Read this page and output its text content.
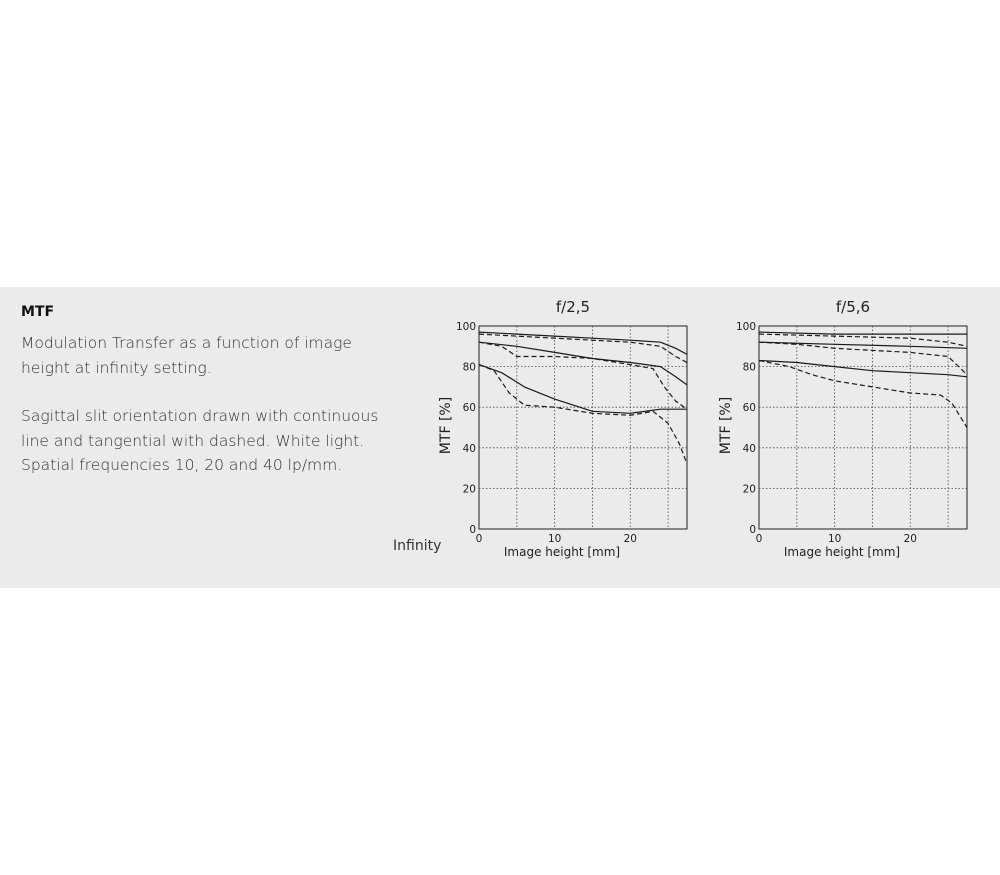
MTF
Modulation Transfer as a function of image
height at infinity setting.
Sagittal slit orientation drawn with continuous
line and tangential with dashed. White light.
Spatial frequencies 10, 20 and 40 lp/mm.
Infinity
0
20
40
60
80
100
0	10	20
f/2,5
Image height [mm]
MTF [%]
0
20
40
60
80
100
0	10	20
f/5,6
Image height [mm]
MTF [%]
